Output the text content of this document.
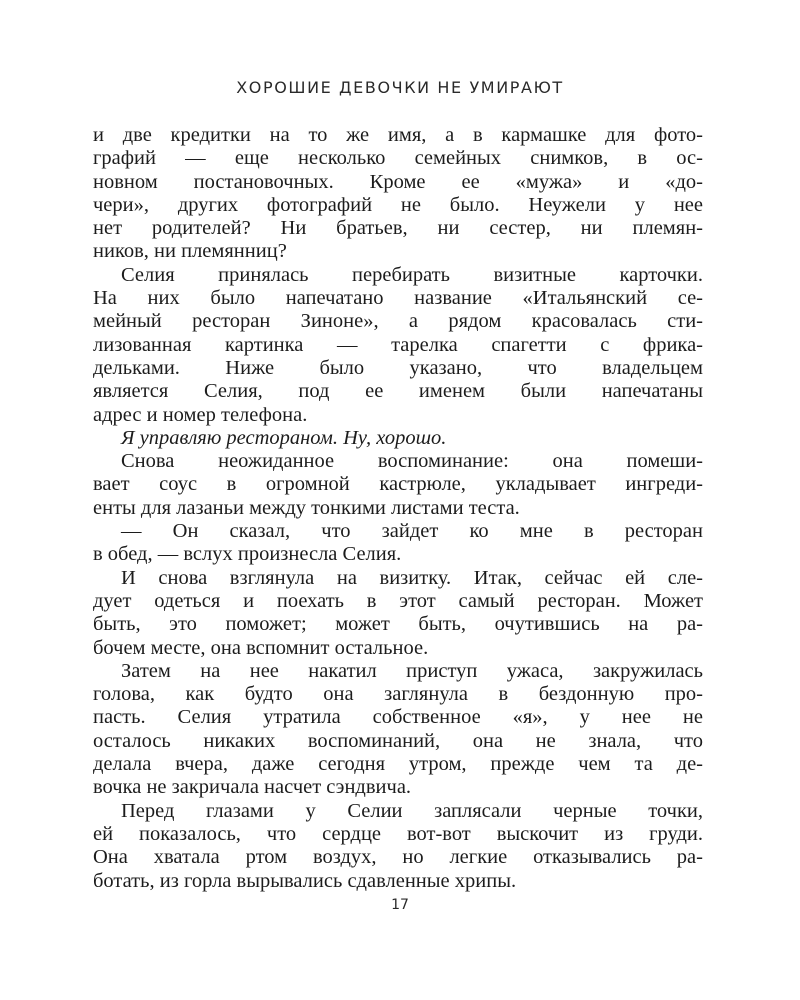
ХОРОШИЕ ДЕВОЧКИ НЕ УМИРАЮТ
и две кредитки на то же имя, а в кармашке для фото-
графий — еще несколько семейных снимков, в ос-
новном постановочных. Кроме ее «мужа» и «до-
чери», других фотографий не было. Неужели у нее
нет родителей? Ни братьев, ни сестер, ни племян-
ников, ни племянниц?
Селия принялась перебирать визитные карточки.
На них было напечатано название «Итальянский се-
мейный ресторан Зиноне», а рядом красовалась сти-
лизованная картинка — тарелка спагетти с фрика-
дельками. Ниже было указано, что владельцем
является Селия, под ее именем были напечатаны
адрес и номер телефона.
Я управляю рестораном. Ну, хорошо.
Снова неожиданное воспоминание: она помеши-
вает соус в огромной кастрюле, укладывает ингреди-
енты для лазаньи между тонкими листами теста.
— Он сказал, что зайдет ко мне в ресторан
в обед, — вслух произнесла Селия.
И снова взглянула на визитку. Итак, сейчас ей сле-
дует одеться и поехать в этот самый ресторан. Может
быть, это поможет; может быть, очутившись на ра-
бочем месте, она вспомнит остальное.
Затем на нее накатил приступ ужаса, закружилась
голова, как будто она заглянула в бездонную про-
пасть. Селия утратила собственное «я», у нее не
осталось никаких воспоминаний, она не знала, что
делала вчера, даже сегодня утром, прежде чем та де-
вочка не закричала насчет сэндвича.
Перед глазами у Селии заплясали черные точки,
ей показалось, что сердце вот-вот выскочит из груди.
Она хватала ртом воздух, но легкие отказывались ра-
ботать, из горла вырывались сдавленные хрипы.
17
